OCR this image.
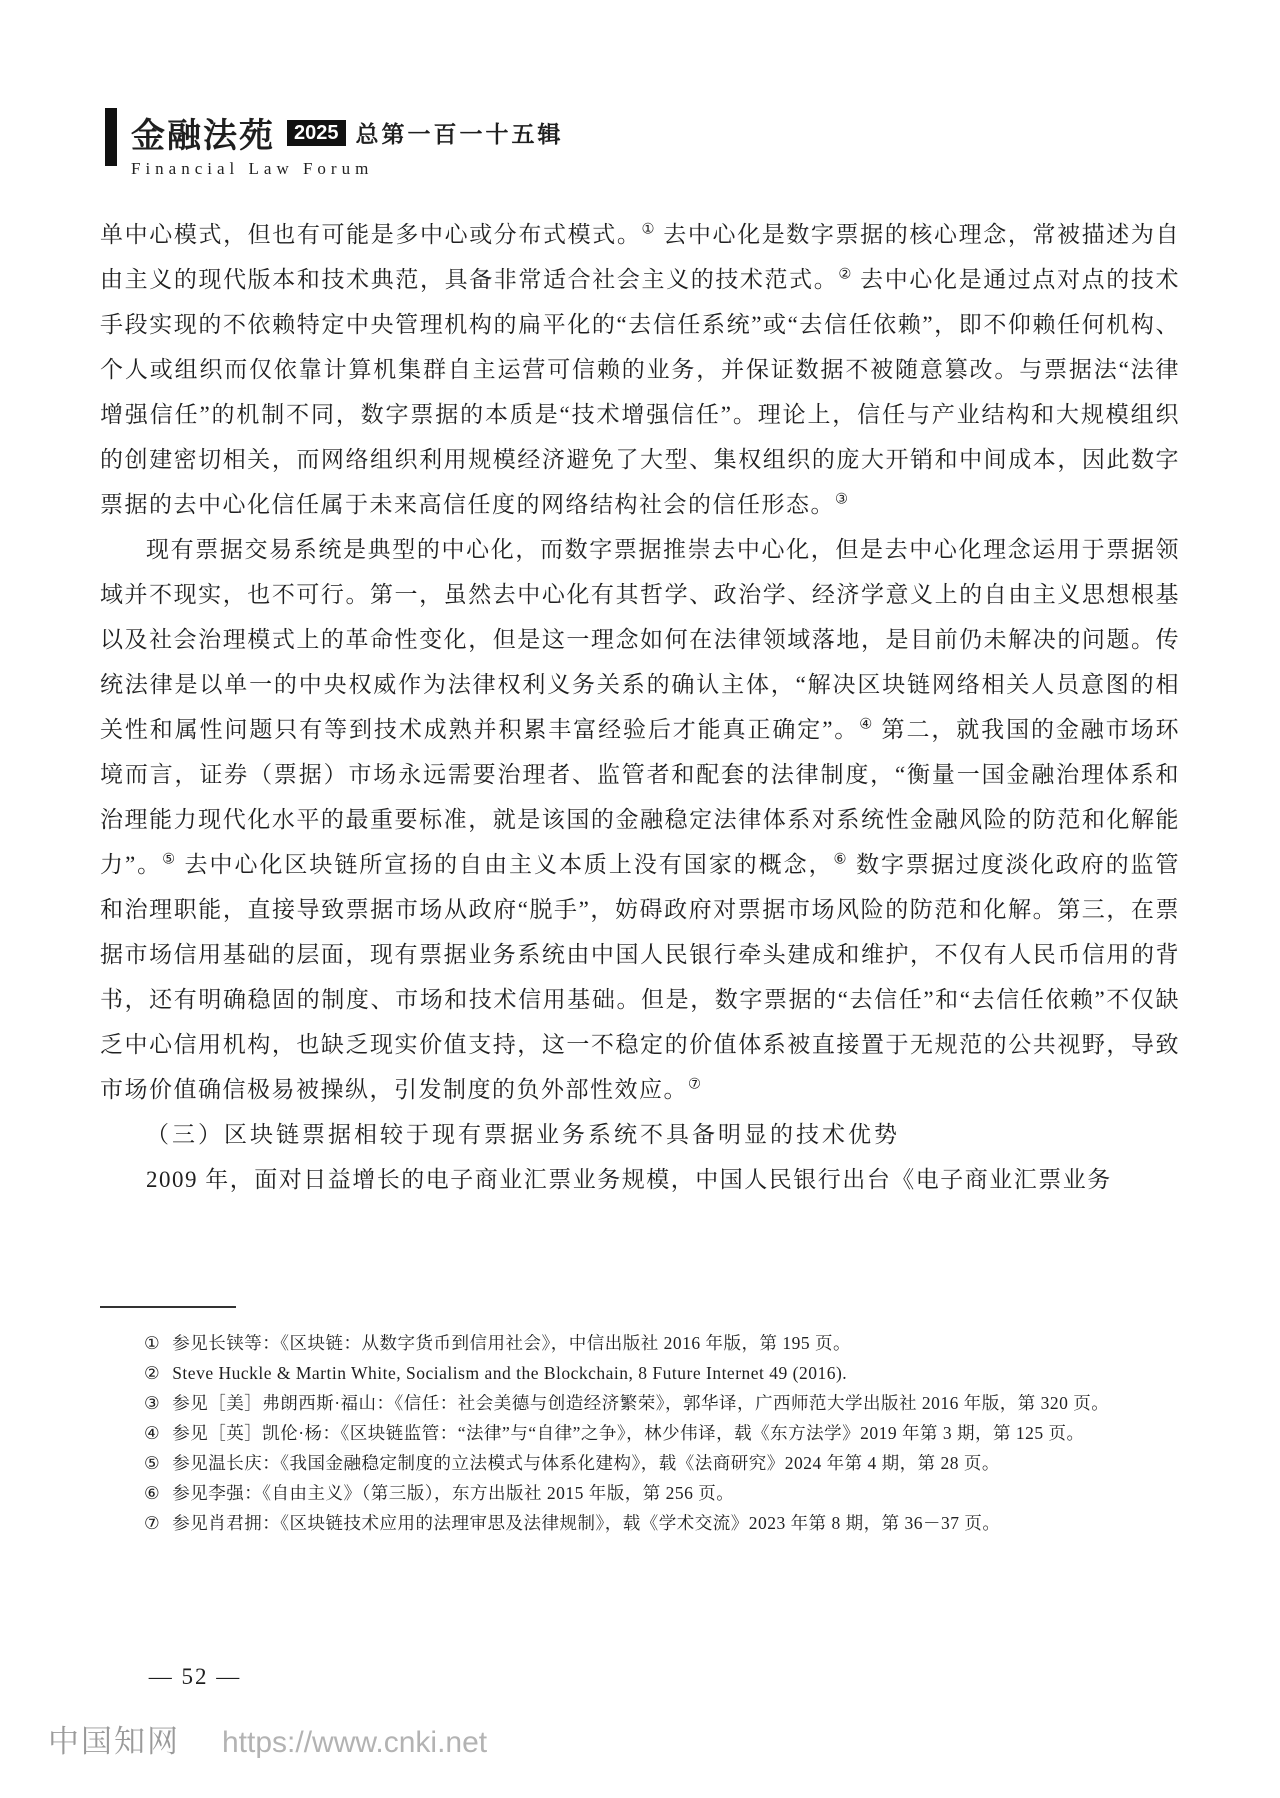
金融法苑 2025 总第一百一十五辑
Financial Law Forum

单中心模式，但也有可能是多中心或分布式模式。① 去中心化是数字票据的核心理念，常被描述为自由主义的现代版本和技术典范，具备非常适合社会主义的技术范式。② 去中心化是通过点对点的技术手段实现的不依赖特定中央管理机构的扁平化的“去信任系统”或“去信任依赖”，即不仰赖任何机构、个人或组织而仅依靠计算机集群自主运营可信赖的业务，并保证数据不被随意篡改。与票据法“法律增强信任”的机制不同，数字票据的本质是“技术增强信任”。理论上，信任与产业结构和大规模组织的创建密切相关，而网络组织利用规模经济避免了大型、集权组织的庞大开销和中间成本，因此数字票据的去中心化信任属于未来高信任度的网络结构社会的信任形态。③

现有票据交易系统是典型的中心化，而数字票据推崇去中心化，但是去中心化理念运用于票据领域并不现实，也不可行。第一，虽然去中心化有其哲学、政治学、经济学意义上的自由主义思想根基以及社会治理模式上的革命性变化，但是这一理念如何在法律领域落地，是目前仍未解决的问题。传统法律是以单一的中央权威作为法律权利义务关系的确认主体，“解决区块链网络相关人员意图的相关性和属性问题只有等到技术成熟并积累丰富经验后才能真正确定”。④ 第二，就我国的金融市场环境而言，证券（票据）市场永远需要治理者、监管者和配套的法律制度，“衡量一国金融治理体系和治理能力现代化水平的最重要标准，就是该国的金融稳定法律体系对系统性金融风险的防范和化解能力”。⑤ 去中心化区块链所宣扬的自由主义本质上没有国家的概念，⑥ 数字票据过度淡化政府的监管和治理职能，直接导致票据市场从政府“脱手”，妨碍政府对票据市场风险的防范和化解。第三，在票据市场信用基础的层面，现有票据业务系统由中国人民银行牵头建成和维护，不仅有人民币信用的背书，还有明确稳固的制度、市场和技术信用基础。但是，数字票据的“去信任”和“去信任依赖”不仅缺乏中心信用机构，也缺乏现实价值支持，这一不稳定的价值体系被直接置于无规范的公共视野，导致市场价值确信极易被操纵，引发制度的负外部性效应。⑦

（三）区块链票据相较于现有票据业务系统不具备明显的技术优势

2009 年，面对日益增长的电子商业汇票业务规模，中国人民银行出台《电子商业汇票业务

① 参见长铗等：《区块链：从数字货币到信用社会》，中信出版社 2016 年版，第 195 页。

② Steve Huckle & Martin White, Socialism and the Blockchain, 8 Future Internet 49 (2016).

③ 参见［美］弗朗西斯·福山：《信任：社会美德与创造经济繁荣》，郭华译，广西师范大学出版社 2016 年版，第 320 页。

④ 参见［英］凯伦·杨：《区块链监管：“法律”与“自律”之争》，林少伟译，载《东方法学》2019 年第 3 期，第 125 页。

⑤ 参见温长庆：《我国金融稳定制度的立法模式与体系化建构》，载《法商研究》2024 年第 4 期，第 28 页。

⑥ 参见李强：《自由主义》（第三版），东方出版社 2015 年版，第 256 页。

⑦ 参见肖君拥：《区块链技术应用的法理审思及法律规制》，载《学术交流》2023 年第 8 期，第 36－37 页。

— 52 —
中国知网 https://www.cnki.net
